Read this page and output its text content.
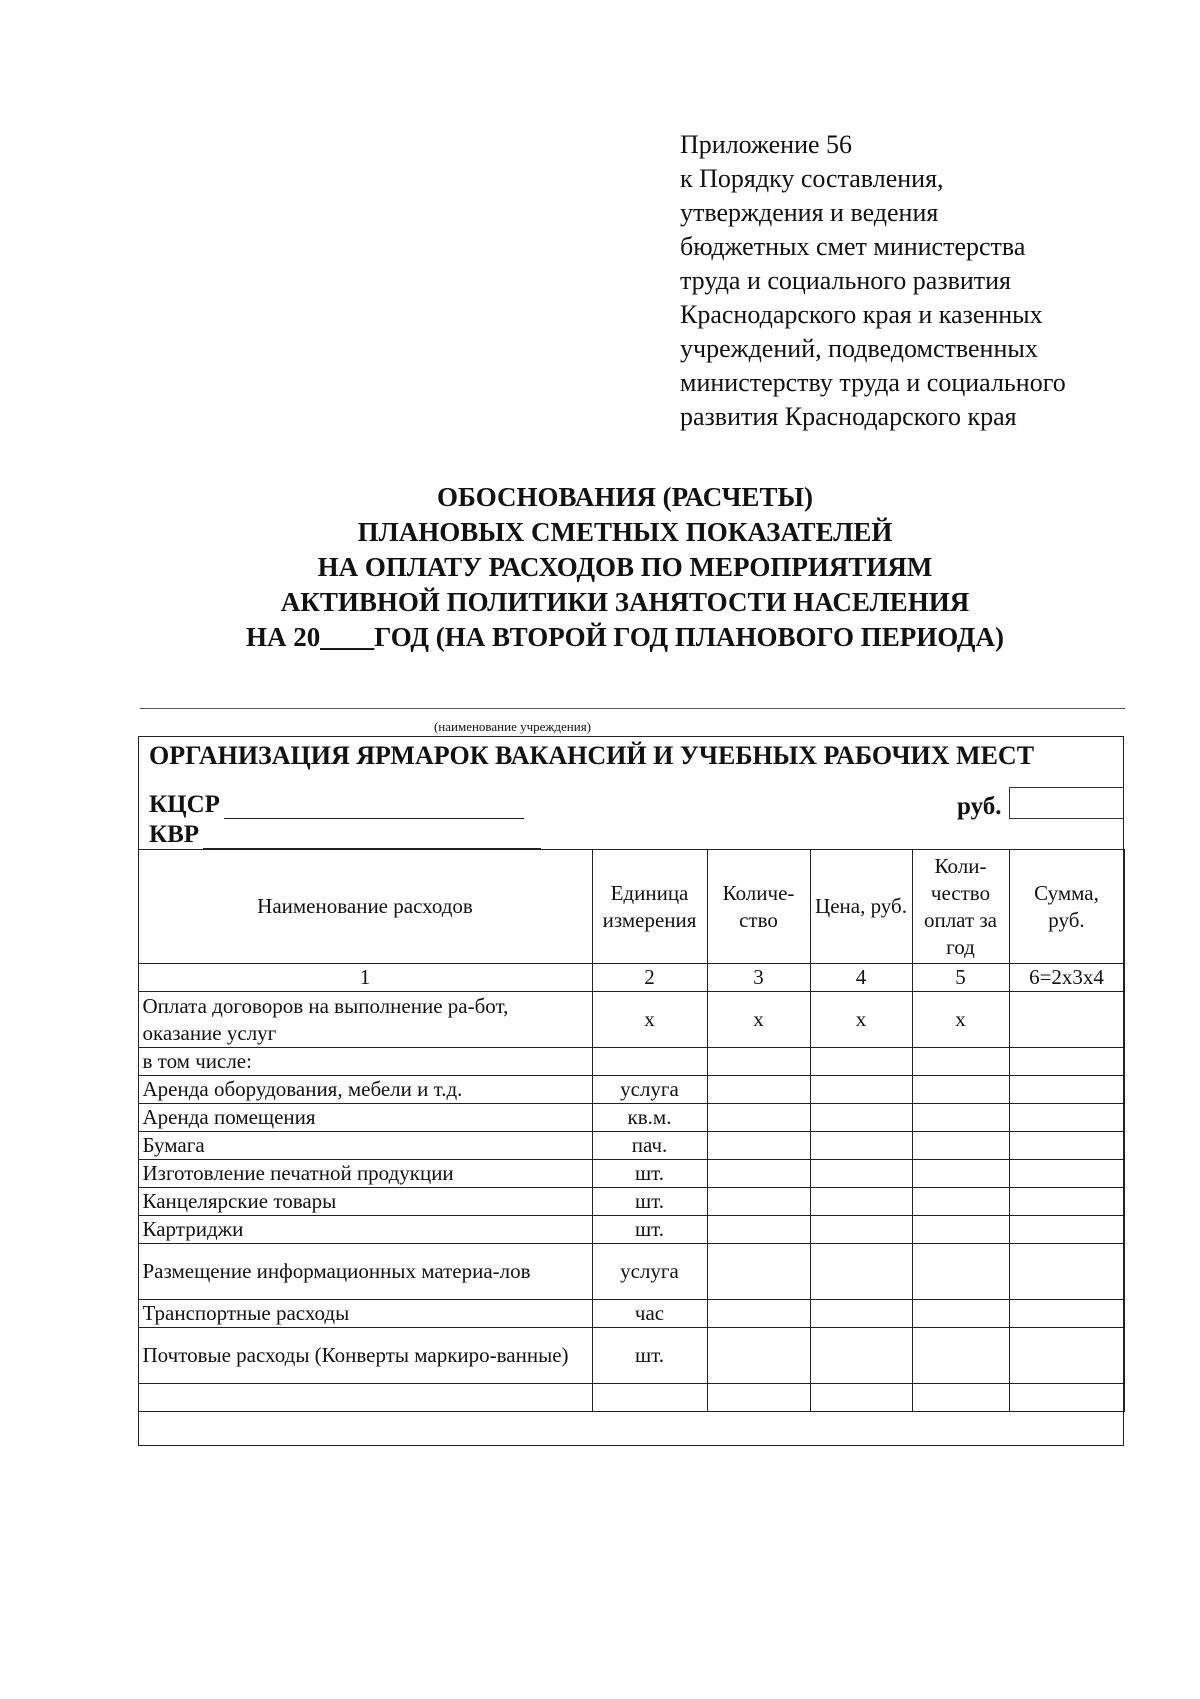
Приложение 56
к Порядку составления,
утверждения и ведения
бюджетных смет министерства
труда и социального развития
Краснодарского края и казенных
учреждений, подведомственных
министерству труда и социального
развития Краснодарского края
ОБОСНОВАНИЯ (РАСЧЕТЫ)
ПЛАНОВЫХ СМЕТНЫХ ПОКАЗАТЕЛЕЙ
НА ОПЛАТУ РАСХОДОВ ПО МЕРОПРИЯТИЯМ
АКТИВНОЙ ПОЛИТИКИ ЗАНЯТОСТИ НАСЕЛЕНИЯ
НА 20____ГОД (НА ВТОРОЙ ГОД ПЛАНОВОГО ПЕРИОДА)
(наименование учреждения)
ОРГАНИЗАЦИЯ ЯРМАРОК ВАКАНСИЙ И УЧЕБНЫХ РАБОЧИХ МЕСТ
КЦСР
КВР
руб.
Наименование расходов	Единица измерения	Количе-ство	Цена, руб.	Коли-чество оплат за год	Сумма, руб.
1	2	3	4	5	6=2х3х4
Оплата договоров на выполнение ра-бот, оказание услуг	х	х	х	х	
в том числе:					
Аренда оборудования, мебели и т.д.	услуга				
Аренда помещения	кв.м.				
Бумага	пач.				
Изготовление печатной продукции	шт.				
Канцелярские товары	шт.				
Картриджи	шт.				
Размещение информационных материа-лов	услуга				
Транспортные расходы	час				
Почтовые расходы (Конверты маркиро-ванные)	шт.				
